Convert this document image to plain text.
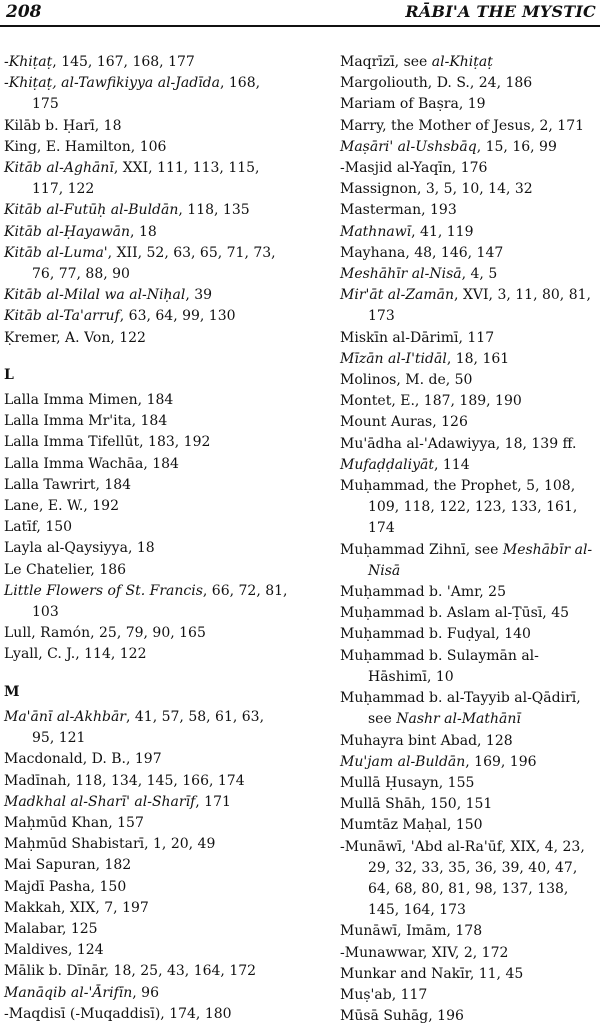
208	RĀBI'A THE MYSTIC
-Khiṭaṭ, 145, 167, 168, 177
-Khiṭaṭ, al-Tawfikiyya al-Jadīda, 168, 175
Kilāb b. Ḥarī, 18
King, E. Hamilton, 106
Kitāb al-Aghānī, XXI, 111, 113, 115, 117, 122
Kitāb al-Futūḥ al-Buldān, 118, 135
Kitāb al-Ḥayawān, 18
Kitāb al-Luma', XII, 52, 63, 65, 71, 73, 76, 77, 88, 90
Kitāb al-Milal wa al-Niḥal, 39
Kitāb al-Ta'arruf, 63, 64, 99, 130
Ḳremer, A. Von, 122
L
Lalla Imma Mimen, 184
Lalla Imma Mr'ita, 184
Lalla Imma Tifellūt, 183, 192
Lalla Imma Wachāa, 184
Lalla Tawrirt, 184
Lane, E. W., 192
Latīf, 150
Layla al-Qaysiyya, 18
Le Chatelier, 186
Little Flowers of St. Francis, 66, 72, 81, 103
Lull, Ramón, 25, 79, 90, 165
Lyall, C. J., 114, 122
M
Ma'ānī al-Akhbār, 41, 57, 58, 61, 63, 95, 121
Macdonald, D. B., 197
Madīnah, 118, 134, 145, 166, 174
Madkhal al-Sharī' al-Sharīf, 171
Maḥmūd Khan, 157
Maḥmūd Shabistarī, 1, 20, 49
Mai Sapuran, 182
Majdī Pasha, 150
Makkah, XIX, 7, 197
Malabar, 125
Maldives, 124
Mālik b. Dīnār, 18, 25, 43, 164, 172
Manāqib al-'Ārifīn, 96
-Maqdisī (-Muqaddisī), 174, 180
Maqrīzī, see al-Khiṭaṭ
Margoliouth, D. S., 24, 186
Mariam of Baṣra, 19
Marry, the Mother of Jesus, 2, 171
Maṣāri' al-Ushsbāq, 15, 16, 99
-Masjid al-Yaqīn, 176
Massignon, 3, 5, 10, 14, 32
Masterman, 193
Mathnawī, 41, 119
Mayhana, 48, 146, 147
Meshāhīr al-Nisā, 4, 5
Mir'āt al-Zamān, XVI, 3, 11, 80, 81, 173
Miskīn al-Dārimī, 117
Mīzān al-I'tidāl, 18, 161
Molinos, M. de, 50
Montet, E., 187, 189, 190
Mount Auras, 126
Mu'ādha al-'Adawiyya, 18, 139 ff.
Mufaḍḍaliyāt, 114
Muḥammad, the Prophet, 5, 108, 109, 118, 122, 123, 133, 161, 174
Muḥammad Zihnī, see Meshābīr al-Nisā
Muḥammad b. 'Amr, 25
Muḥammad b. Aslam al-Ṭūsī, 45
Muḥammad b. Fuḍyal, 140
Muḥammad b. Sulaymān al-Hāshimī, 10
Muḥammad b. al-Tayyib al-Qādirī, see Nashr al-Mathānī
Muhayra bint Abad, 128
Mu'jam al-Buldān, 169, 196
Mullā Ḥusayn, 155
Mullā Shāh, 150, 151
Mumtāz Maḥal, 150
-Munāwī, 'Abd al-Ra'ūf, XIX, 4, 23, 29, 32, 33, 35, 36, 39, 40, 47, 64, 68, 80, 81, 98, 137, 138, 145, 164, 173
Munāwī, Imām, 178
-Munawwar, XIV, 2, 172
Munkar and Nakīr, 11, 45
Muṣ'ab, 117
Mūsā Suhāg, 196
